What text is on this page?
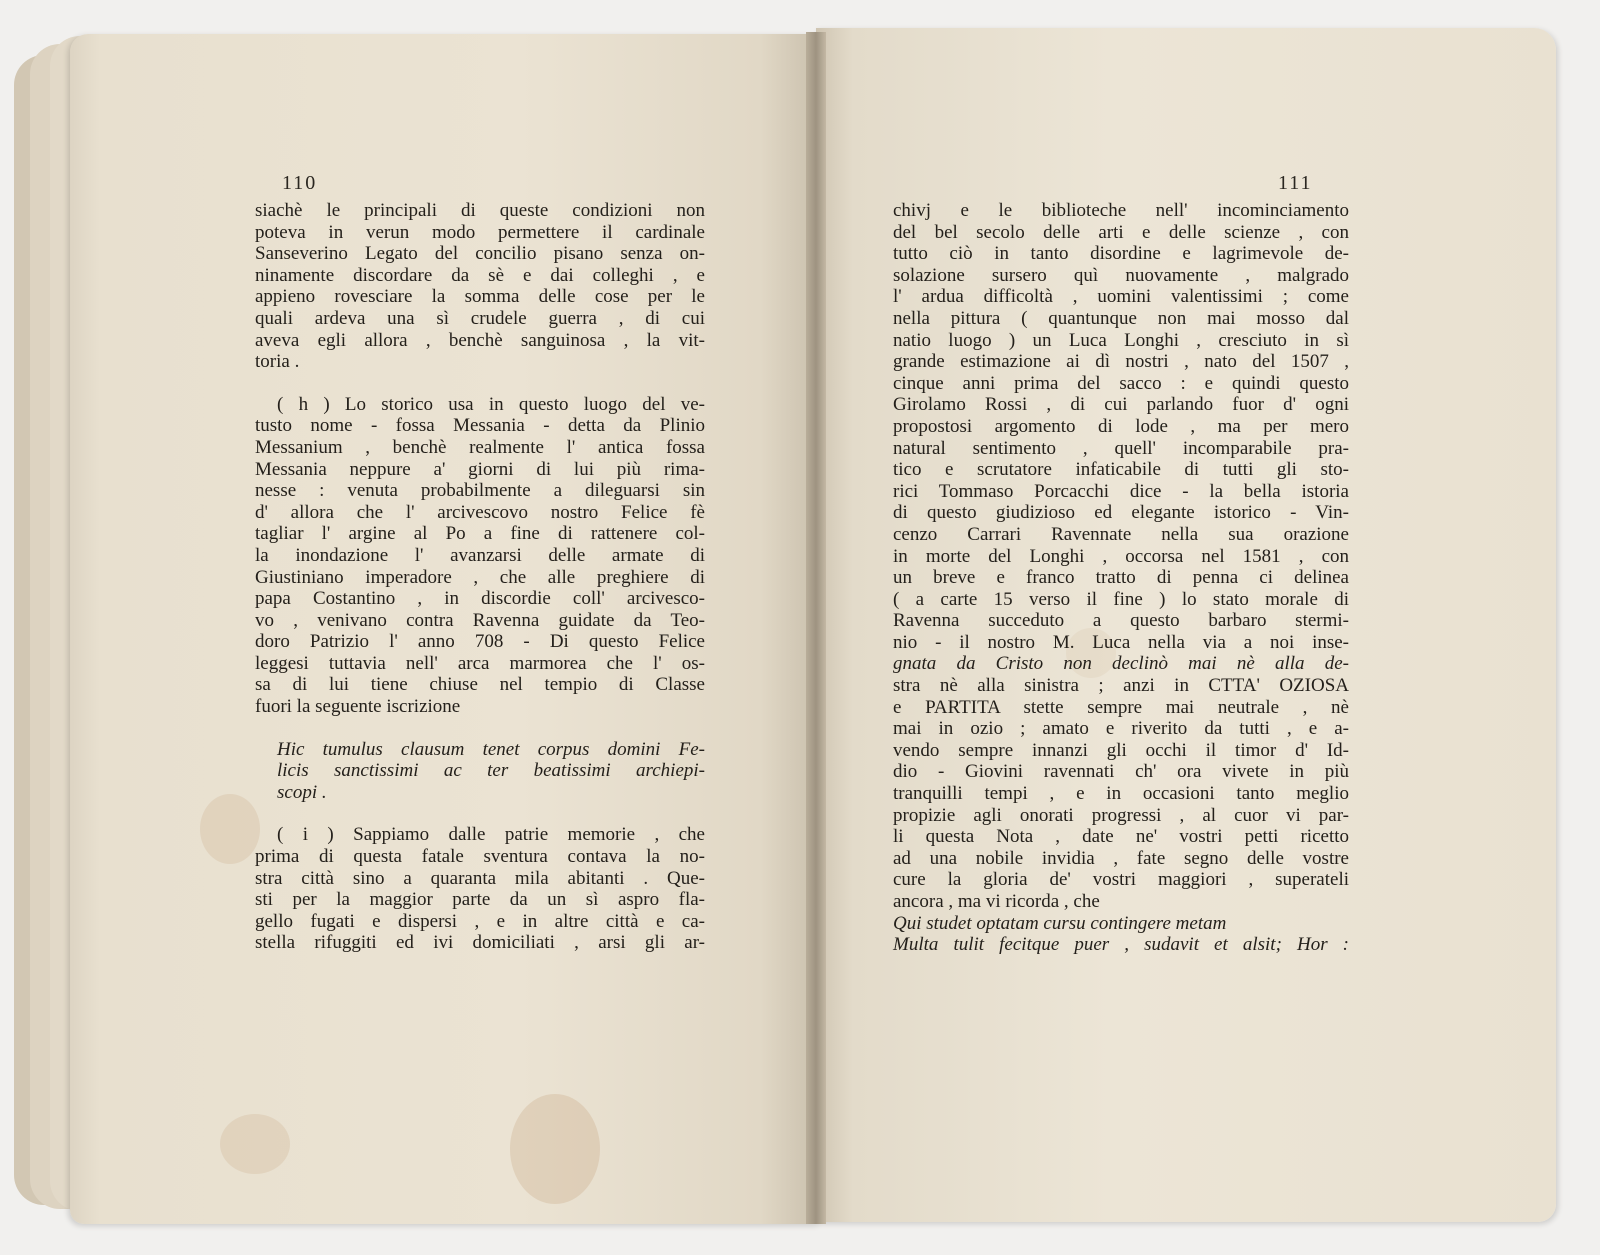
110
siachè le principali di queste condizioni non
poteva in verun modo permettere il cardinale
Sanseverino Legato del concilio pisano senza on-
ninamente discordare da sè e dai colleghi , e
appieno rovesciare la somma delle cose per le
quali ardeva una sì crudele guerra , di cui
aveva egli allora , benchè sanguinosa , la vit-
toria .
( h ) Lo storico usa in questo luogo del ve-
tusto nome - fossa Messania - detta da Plinio
Messanium , benchè realmente l' antica fossa
Messania neppure a' giorni di lui più rima-
nesse : venuta probabilmente a dileguarsi sin
d' allora che l' arcivescovo nostro Felice fè
tagliar l' argine al Po a fine di rattenere col-
la inondazione l' avanzarsi delle armate di
Giustiniano imperadore , che alle preghiere di
papa Costantino , in discordie coll' arcivesco-
vo , venivano contra Ravenna guidate da Teo-
doro Patrizio l' anno 708 - Di questo Felice
leggesi tuttavia nell' arca marmorea che l' os-
sa di lui tiene chiuse nel tempio di Classe
fuori la seguente iscrizione
Hic tumulus clausum tenet corpus domini Fe-
licis sanctissimi ac ter beatissimi archiepi-
scopi .
( i ) Sappiamo dalle patrie memorie , che
prima di questa fatale sventura contava la no-
stra città sino a quaranta mila abitanti . Que-
sti per la maggior parte da un sì aspro fla-
gello fugati e dispersi , e in altre città e ca-
stella rifuggiti ed ivi domiciliati , arsi gli ar-
111
chivj e le biblioteche nell' incominciamento
del bel secolo delle arti e delle scienze , con
tutto ciò in tanto disordine e lagrimevole de-
solazione sursero quì nuovamente , malgrado
l' ardua difficoltà , uomini valentissimi ; come
nella pittura ( quantunque non mai mosso dal
natio luogo ) un Luca Longhi , cresciuto in sì
grande estimazione ai dì nostri , nato del 1507 ,
cinque anni prima del sacco : e quindi questo
Girolamo Rossi , di cui parlando fuor d' ogni
propostosi argomento di lode , ma per mero
natural sentimento , quell' incomparabile pra-
tico e scrutatore infaticabile di tutti gli sto-
rici Tommaso Porcacchi dice - la bella istoria
di questo giudizioso ed elegante istorico - Vin-
cenzo Carrari Ravennate nella sua orazione
in morte del Longhi , occorsa nel 1581 , con
un breve e franco tratto di penna ci delinea
( a carte 15 verso il fine ) lo stato morale di
Ravenna succeduto a questo barbaro stermi-
nio - il nostro M. Luca nella via a noi inse-
gnata da Cristo non declinò mai nè alla de-
stra nè alla sinistra ; anzi in CTTA' OZIOSA
e PARTITA stette sempre mai neutrale , nè
mai in ozio ; amato e riverito da tutti , e a-
vendo sempre innanzi gli occhi il timor d' Id-
dio - Giovini ravennati ch' ora vivete in più
tranquilli tempi , e in occasioni tanto meglio
propizie agli onorati progressi , al cuor vi par-
li questa Nota , date ne' vostri petti ricetto
ad una nobile invidia , fate segno delle vostre
cure la gloria de' vostri maggiori , superateli
ancora , ma vi ricorda , che
Qui studet optatam cursu contingere metam
Multa tulit fecitque puer , sudavit et alsit; Hor :
